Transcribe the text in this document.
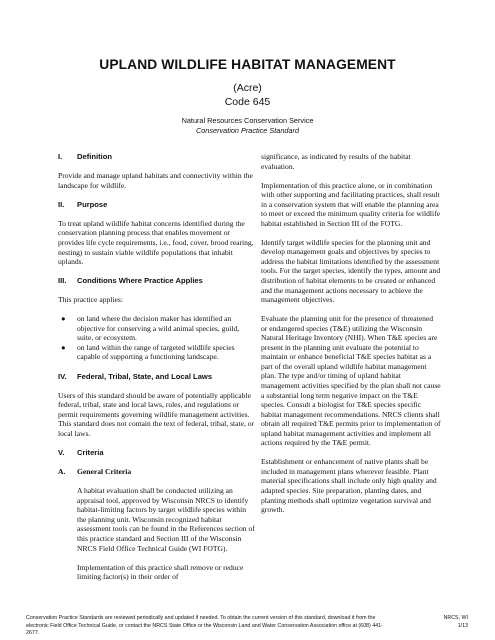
UPLAND WILDLIFE HABITAT MANAGEMENT
(Acre)
Code 645
Natural Resources Conservation Service
Conservation Practice Standard
I. Definition

Provide and manage upland habitats and connectivity within the landscape for wildlife.

II. Purpose

To treat upland wildlife habitat concerns identified during the conservation planning process that enables movement or provides life cycle requirements, i.e., food, cover, brood rearing, nesting) to sustain viable wildlife populations that inhabit uplands.

III. Conditions Where Practice Applies

This practice applies:

● on land where the decision maker has identified an objective for conserving a wild animal species, guild, suite, or ecosystem.
● on land within the range of targeted wildlife species capable of supporting a functioning landscape.
IV. Federal, Tribal, State, and Local Laws

Users of this standard should be aware of potentially applicable federal, tribal, state and local laws, rules, and regulations or permit requirements governing wildlife management activities. This standard does not contain the text of federal, tribal, state, or local laws.

V. Criteria
A. General Criteria

A habitat evaluation shall be conducted utilizing an appraisal tool, approved by Wisconsin NRCS to identify habitat-limiting factors by target wildlife species within the planning unit. Wisconsin recognized habitat assessment tools can be found in the References section of this practice standard and Section III of the Wisconsin NRCS Field Office Technical Guide (WI FOTG).

Implementation of this practice shall remove or reduce limiting factor(s) in their order of

significance, as indicated by results of the habitat evaluation.

Implementation of this practice alone, or in combination with other supporting and facilitating practices, shall result in a conservation system that will enable the planning area to meet or exceed the minimum quality criteria for wildlife habitat established in Section III of the FOTG.

Identify target wildlife species for the planning unit and develop management goals and objectives by species to address the habitat limitations identified by the assessment tools. For the target species, identify the types, amount and distribution of habitat elements to be created or enhanced and the management actions necessary to achieve the management objectives.

Evaluate the planning unit for the presence of threatened or endangered species (T&E) utilizing the Wisconsin Natural Heritage Inventory (NHI). When T&E species are present in the planning unit evaluate the potential to maintain or enhance beneficial T&E species habitat as a part of the overall upland wildlife habitat management plan. The type and/or timing of upland habitat management activities specified by the plan shall not cause a substantial long term negative impact on the T&E species. Consult a biologist for T&E species specific habitat management recommendations. NRCS clients shall obtain all required T&E permits prior to implementation of upland habitat management activities and implement all actions required by the T&E permit.

Establishment or enhancement of native plants shall be included in management plans wherever feasible. Plant material specifications shall include only high quality and adapted species. Site preparation, planting dates, and planting methods shall optimize vegetation survival and growth.

Conservation Practice Standards are reviewed periodically and updated if needed. To obtain the current version of this standard, download it from the electronic Field Office Technical Guide, or contact the NRCS State Office or the Wisconsin Land and Water Conservation Association office at (608) 441-2677.
NRCS, WI
1/13
